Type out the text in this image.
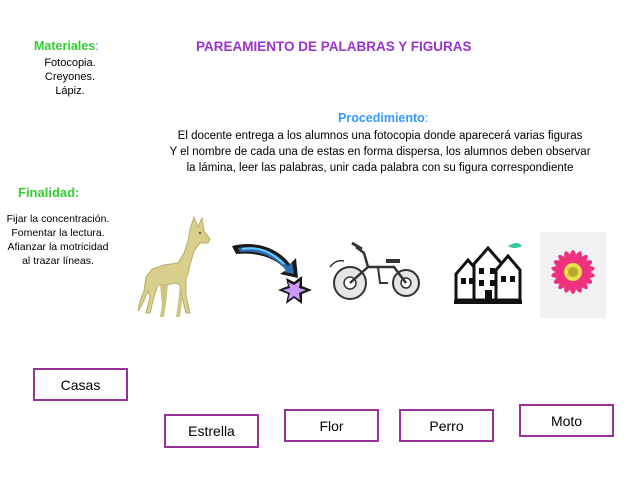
Materiales:
Fotocopia.
Creyones.
Lápiz.
PAREAMIENTO DE PALABRAS Y FIGURAS
Procedimiento:
El docente entrega a los alumnos una fotocopia donde aparecerá varias figuras
Y el nombre de cada una de estas en forma dispersa, los alumnos deben observar
la lámina, leer las palabras, unir cada palabra con su figura correspondiente
Finalidad:
Fijar la concentración.
Fomentar la lectura.
Afianzar la motricidad
al trazar líneas.
Casas
Estrella	Flor	Perro	Moto
